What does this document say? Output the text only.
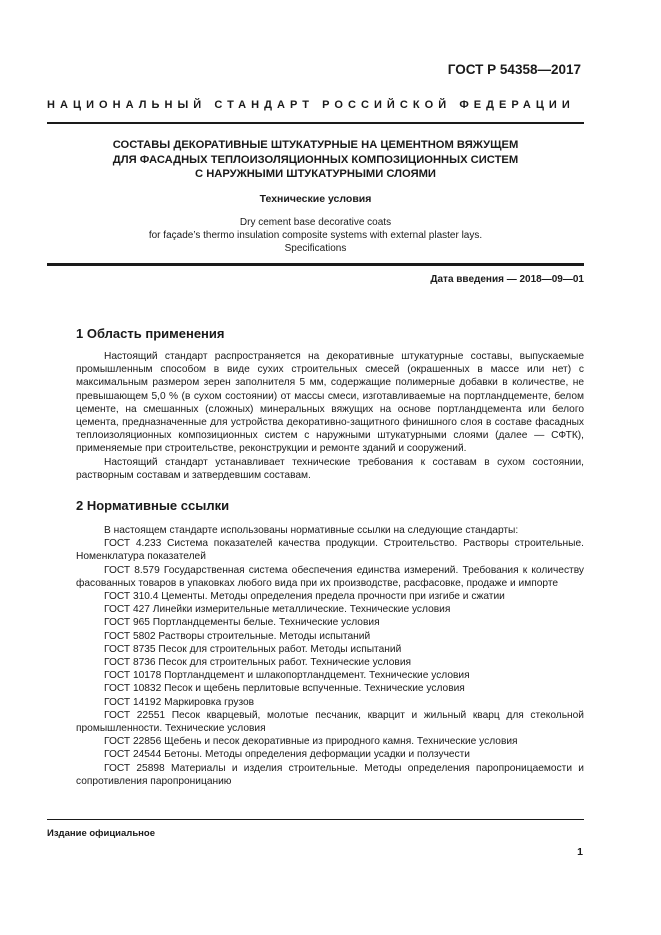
ГОСТ Р 54358—2017
НАЦИОНАЛЬНЫЙ СТАНДАРТ РОССИЙСКОЙ ФЕДЕРАЦИИ
СОСТАВЫ ДЕКОРАТИВНЫЕ ШТУКАТУРНЫЕ НА ЦЕМЕНТНОМ ВЯЖУЩЕМ
ДЛЯ ФАСАДНЫХ ТЕПЛОИЗОЛЯЦИОННЫХ КОМПОЗИЦИОННЫХ СИСТЕМ
С НАРУЖНЫМИ ШТУКАТУРНЫМИ СЛОЯМИ
Технические условия
Dry cement base decorative coats
for façade’s thermo insulation composite systems with external plaster lays.
Specifications
Дата введения — 2018—09—01
1 Область применения

Настоящий стандарт распространяется на декоративные штукатурные составы, выпускаемые промышленным способом в виде сухих строительных смесей (окрашенных в массе или нет) с максимальным размером зерен заполнителя 5 мм, содержащие полимерные добавки в количестве, не превышающем 5,0 % (в сухом состоянии) от массы смеси, изготавливаемые на портландцементе, белом цементе, на смешанных (сложных) минеральных вяжущих на основе портландцемента или белого цемента, предназначенные для устройства декоративно-защитного финишного слоя в составе фасадных теплоизоляционных композиционных систем с наружными штукатурными слоями (далее — СФТК), применяемые при строительстве, реконструкции и ремонте зданий и сооружений.

Настоящий стандарт устанавливает технические требования к составам в сухом состоянии, растворным составам и затвердевшим составам.

2 Нормативные ссылки

В настоящем стандарте использованы нормативные ссылки на следующие стандарты:

ГОСТ 4.233 Система показателей качества продукции. Строительство. Растворы строительные. Номенклатура показателей

ГОСТ 8.579 Государственная система обеспечения единства измерений. Требования к количеству фасованных товаров в упаковках любого вида при их производстве, расфасовке, продаже и импорте

ГОСТ 310.4 Цементы. Методы определения предела прочности при изгибе и сжатии

ГОСТ 427 Линейки измерительные металлические. Технические условия

ГОСТ 965 Портландцементы белые. Технические условия

ГОСТ 5802 Растворы строительные. Методы испытаний

ГОСТ 8735 Песок для строительных работ. Методы испытаний

ГОСТ 8736 Песок для строительных работ. Технические условия

ГОСТ 10178 Портландцемент и шлакопортландцемент. Технические условия

ГОСТ 10832 Песок и щебень перлитовые вспученные. Технические условия

ГОСТ 14192 Маркировка грузов

ГОСТ 22551 Песок кварцевый, молотые песчаник, кварцит и жильный кварц для стекольной промышленности. Технические условия

ГОСТ 22856 Щебень и песок декоративные из природного камня. Технические условия

ГОСТ 24544 Бетоны. Методы определения деформации усадки и ползучести

ГОСТ 25898 Материалы и изделия строительные. Методы определения паропроницаемости и сопротивления паропроницанию

Издание официальное
1
